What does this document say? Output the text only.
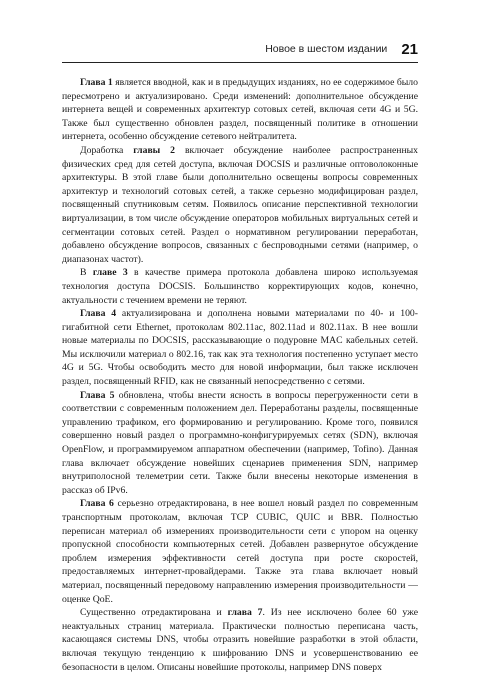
Новое в шестом издании 21

Глава 1 является вводной, как и в предыдущих изданиях, но ее содержимое было пересмотрено и актуализировано. Среди изменений: дополнительное обсуждение интернета вещей и современных архитектур сотовых сетей, включая сети 4G и 5G. Также был существенно обновлен раздел, посвященный политике в отношении интернета, особенно обсуждение сетевого нейтралитета.

Доработка главы 2 включает обсуждение наиболее распространенных физических сред для сетей доступа, включая DOCSIS и различные оптоволоконные архитектуры. В этой главе были дополнительно освещены вопросы современных архитектур и технологий сотовых сетей, а также серьезно модифицирован раздел, посвященный спутниковым сетям. Появилось описание перспективной технологии виртуализации, в том числе обсуждение операторов мобильных виртуальных сетей и сегментации сотовых сетей. Раздел о нормативном регулировании переработан, добавлено обсуждение вопросов, связанных с беспроводными сетями (например, о диапазонах частот).

В главе 3 в качестве примера протокола добавлена широко используемая технология доступа DOCSIS. Большинство корректирующих кодов, конечно, актуальности с течением времени не теряют.

Глава 4 актуализирована и дополнена новыми материалами по 40- и 100-гигабитной сети Ethernet, протоколам 802.11ac, 802.11ad и 802.11ax. В нее вошли новые материалы по DOCSIS, рассказывающие о подуровне MAC кабельных сетей. Мы исключили материал о 802.16, так как эта технология постепенно уступает место 4G и 5G. Чтобы освободить место для новой информации, был также исключен раздел, посвященный RFID, как не связанный непосредственно с сетями.

Глава 5 обновлена, чтобы внести ясность в вопросы перегруженности сети в соответствии с современным положением дел. Переработаны разделы, посвященные управлению трафиком, его формированию и регулированию. Кроме того, появился совершенно новый раздел о программно-конфигурируемых сетях (SDN), включая OpenFlow, и программируемом аппаратном обеспечении (например, Tofino). Данная глава включает обсуждение новейших сценариев применения SDN, например внутриполосной телеметрии сети. Также были внесены некоторые изменения в рассказ об IPv6.

Глава 6 серьезно отредактирована, в нее вошел новый раздел по современным транспортным протоколам, включая TCP CUBIC, QUIC и BBR. Полностью переписан материал об измерениях производительности сети с упором на оценку пропускной способности компьютерных сетей. Добавлен развернутое обсуждение проблем измерения эффективности сетей доступа при росте скоростей, предоставляемых интернет-провайдерами. Также эта глава включает новый материал, посвященный передовому направлению измерения производительности — оценке QoE.

Существенно отредактирована и глава 7. Из нее исключено более 60 уже неактуальных страниц материала. Практически полностью переписана часть, касающаяся системы DNS, чтобы отразить новейшие разработки в этой области, включая текущую тенденцию к шифрованию DNS и усовершенствованию ее безопасности в целом. Описаны новейшие протоколы, например DNS поверх
